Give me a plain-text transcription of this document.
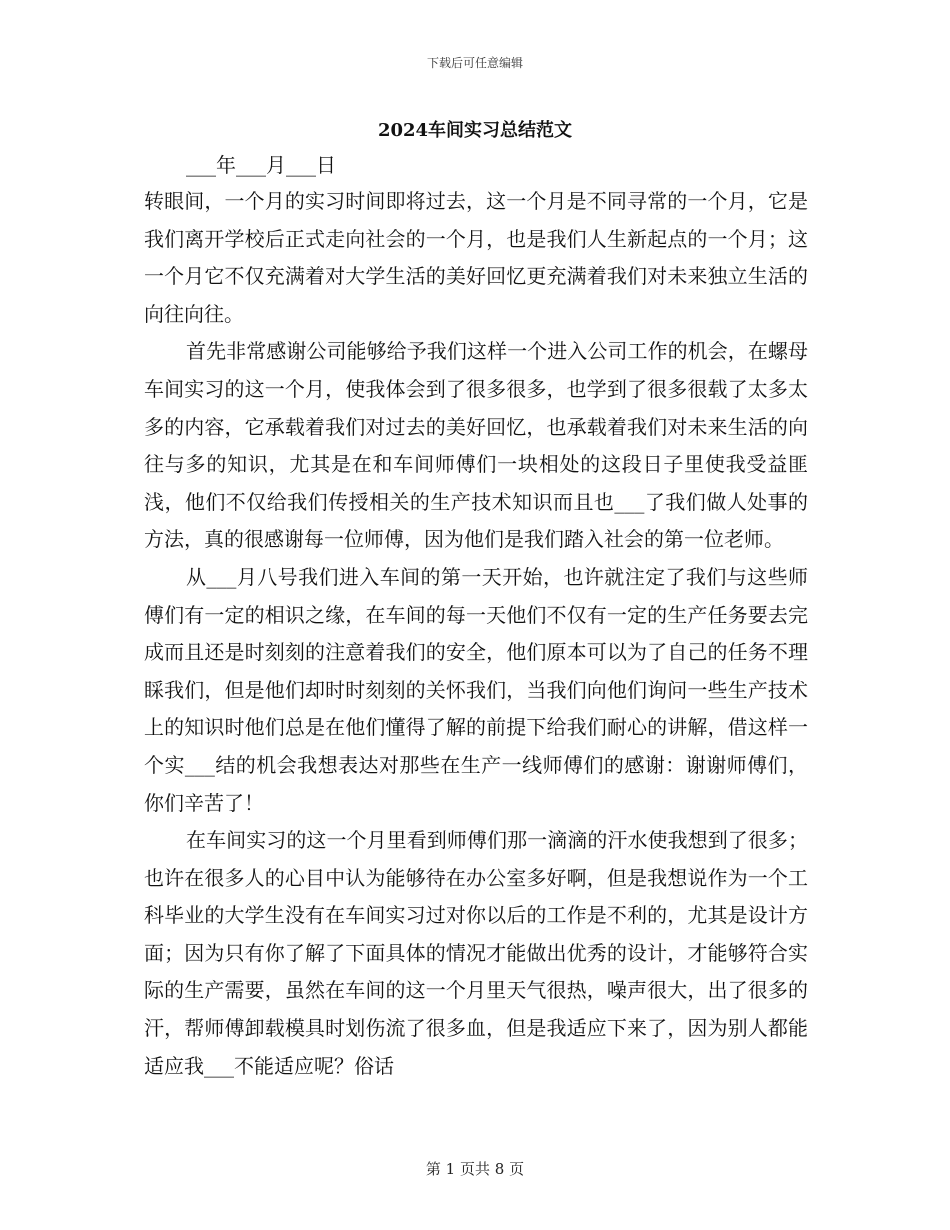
下载后可任意编辑
2024车间实习总结范文
___年___月___日

转眼间，一个月的实习时间即将过去，这一个月是不同寻常的一个月，它是我们离开学校后正式走向社会的一个月，也是我们人生新起点的一个月；这一个月它不仅充满着对大学生活的美好回忆更充满着我们对未来独立生活的向往向往。

首先非常感谢公司能够给予我们这样一个进入公司工作的机会，在螺母车间实习的这一个月，使我体会到了很多很多，也学到了很多很载了太多太多的内容，它承载着我们对过去的美好回忆，也承载着我们对未来生活的向往与多的知识，尤其是在和车间师傅们一块相处的这段日子里使我受益匪浅，他们不仅给我们传授相关的生产技术知识而且也___了我们做人处事的方法，真的很感谢每一位师傅，因为他们是我们踏入社会的第一位老师。

从___月八号我们进入车间的第一天开始，也许就注定了我们与这些师傅们有一定的相识之缘，在车间的每一天他们不仅有一定的生产任务要去完成而且还是时刻刻的注意着我们的安全，他们原本可以为了自己的任务不理睬我们，但是他们却时时刻刻的关怀我们，当我们向他们询问一些生产技术上的知识时他们总是在他们懂得了解的前提下给我们耐心的讲解，借这样一个实___结的机会我想表达对那些在生产一线师傅们的感谢：谢谢师傅们，你们辛苦了！

在车间实习的这一个月里看到师傅们那一滴滴的汗水使我想到了很多；也许在很多人的心目中认为能够待在办公室多好啊，但是我想说作为一个工科毕业的大学生没有在车间实习过对你以后的工作是不利的，尤其是设计方面；因为只有你了解了下面具体的情况才能做出优秀的设计，才能够符合实际的生产需要，虽然在车间的这一个月里天气很热，噪声很大，出了很多的汗，帮师傅卸载模具时划伤流了很多血，但是我适应下来了，因为别人都能适应我___不能适应呢？俗话

第 1 页共 8 页
